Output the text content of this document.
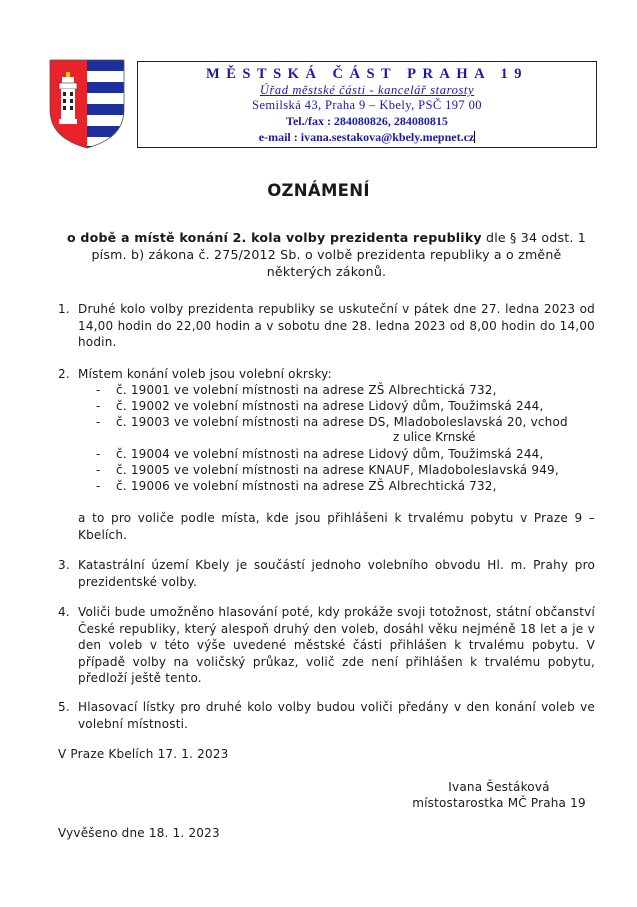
MĚSTSKÁ ČÁST PRAHA 19
Úřad městské části - kancelář starosty
Semilská 43, Praha 9 – Kbely, PSČ 197 00
Tel./fax : 284080826, 284080815
e-mail : ivana.sestakova@kbely.mepnet.cz
OZNÁMENÍ
o době a místě konání 2. kola volby prezidenta republiky dle § 34 odst. 1 písm. b) zákona č. 275/2012 Sb. o volbě prezidenta republiky a o změně některých zákonů.
1. Druhé kolo volby prezidenta republiky se uskuteční v pátek dne 27. ledna 2023 od 14,00 hodin do 22,00 hodin a v sobotu dne 28. ledna 2023 od 8,00 hodin do 14,00 hodin.
2. Místem konání voleb jsou volební okrsky:
- č. 19001 ve volební místnosti na adrese ZŠ Albrechtická 732,
- č. 19002 ve volební místnosti na adrese Lidový dům, Toužimská 244,
- č. 19003 ve volební místnosti na adrese DS, Mladoboleslavská 20, vchod
z ulice Krnské
- č. 19004 ve volební místnosti na adrese Lidový dům, Toužimská 244,
- č. 19005 ve volební místnosti na adrese KNAUF, Mladoboleslavská 949,
- č. 19006 ve volební místnosti na adrese ZŠ Albrechtická 732,
a to pro voliče podle místa, kde jsou přihlášeni k trvalému pobytu v Praze 9 – Kbelích.
3. Katastrální území Kbely je součástí jednoho volebního obvodu Hl. m. Prahy pro prezidentské volby.
4. Voliči bude umožněno hlasování poté, kdy prokáže svoji totožnost, státní občanství České republiky, který alespoň druhý den voleb, dosáhl věku nejméně 18 let a je v den voleb v této výše uvedené městské části přihlášen k trvalému pobytu. V případě volby na voličský průkaz, volič zde není přihlášen k trvalému pobytu, předloží ještě tento.
5. Hlasovací lístky pro druhé kolo volby budou voliči předány v den konání voleb ve volební místnosti.
V Praze Kbelích 17. 1. 2023
Ivana Šestáková
místostarostka MČ Praha 19
Vyvěšeno dne 18. 1. 2023
